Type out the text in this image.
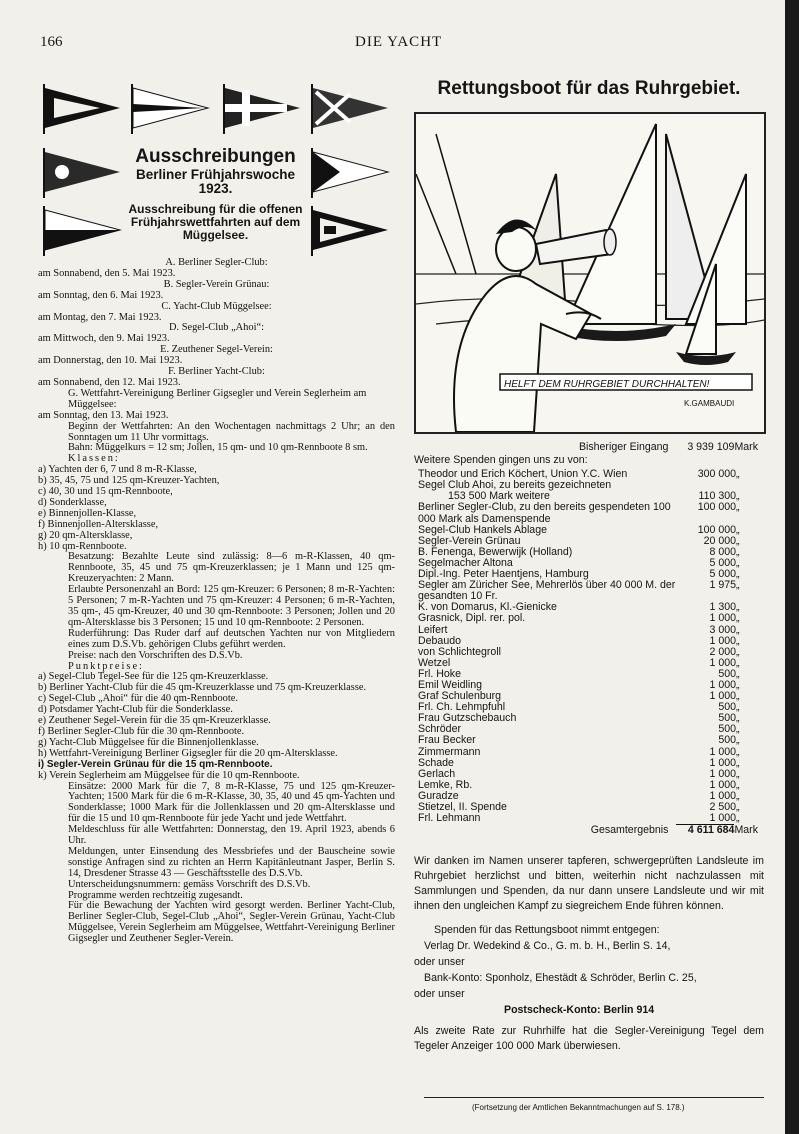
166	DIE YACHT
Ausschreibungen
Berliner Frühjahrswoche 1923.
Ausschreibung für die offenen Frühjahrswettfahrten auf dem Müggelsee.

A. Berliner Segler-Club:

am Sonnabend, den 5. Mai 1923.

B. Segler-Verein Grünau:

am Sonntag, den 6. Mai 1923.

C. Yacht-Club Müggelsee:

am Montag, den 7. Mai 1923.

D. Segel-Club „Ahoi“:

am Mittwoch, den 9. Mai 1923.

E. Zeuthener Segel-Verein:

am Donnerstag, den 10. Mai 1923.

F. Berliner Yacht-Club:

am Sonnabend, den 12. Mai 1923.

G. Wettfahrt-Vereinigung Berliner Gigsegler und Verein Seglerheim am Müggelsee:

am Sonntag, den 13. Mai 1923.

Beginn der Wettfahrten: An den Wochentagen nachmittags 2 Uhr; an den Sonntagen um 11 Uhr vormittags.

Bahn: Müggelkurs = 12 sm; Jollen, 15 qm- und 10 qm-Rennboote 8 sm.

Klassen:

a) Yachten der 6, 7 und 8 m-R-Klasse,

b) 35, 45, 75 und 125 qm-Kreuzer-Yachten,

c) 40, 30 und 15 qm-Rennboote,

d) Sonderklasse,

e) Binnenjollen-Klasse,

f) Binnenjollen-Altersklasse,

g) 20 qm-Altersklasse,

h) 10 qm-Rennboote.

Besatzung: Bezahlte Leute sind zulässig: 8—6 m-R-Klassen, 40 qm-Rennboote, 35, 45 und 75 qm-Kreuzerklassen; je 1 Mann und 125 qm-Kreuzeryachten: 2 Mann.

Erlaubte Personenzahl an Bord: 125 qm-Kreuzer: 6 Personen; 8 m-R-Yachten: 5 Personen; 7 m-R-Yachten und 75 qm-Kreuzer: 4 Personen; 6 m-R-Yachten, 35 qm-, 45 qm-Kreuzer, 40 und 30 qm-Rennboote: 3 Personen; Jollen und 20 qm-Altersklasse bis 3 Personen; 15 und 10 qm-Rennboote: 2 Personen.

Ruderführung: Das Ruder darf auf deutschen Yachten nur von Mitgliedern eines zum D.S.Vb. gehörigen Clubs geführt werden.

Preise: nach den Vorschriften des D.S.Vb.

Punktpreise:

a) Segel-Club Tegel-See für die 125 qm-Kreuzerklasse.

b) Berliner Yacht-Club für die 45 qm-Kreuzerklasse und 75 qm-Kreuzerklasse.

c) Segel-Club „Ahoi“ für die 40 qm-Rennboote.

d) Potsdamer Yacht-Club für die Sonderklasse.

e) Zeuthener Segel-Verein für die 35 qm-Kreuzerklasse.

f) Berliner Segler-Club für die 30 qm-Rennboote.

g) Yacht-Club Müggelsee für die Binnenjollenklasse.

h) Wettfahrt-Vereinigung Berliner Gigsegler für die 20 qm-Altersklasse.

i) Segler-Verein Grünau für die 15 qm-Rennboote.

k) Verein Seglerheim am Müggelsee für die 10 qm-Rennboote.

Einsätze: 2000 Mark für die 7, 8 m-R-Klasse, 75 und 125 qm-Kreuzer-Yachten; 1500 Mark für die 6 m-R-Klasse, 30, 35, 40 und 45 qm-Yachten und Sonderklasse; 1000 Mark für die Jollenklassen und 20 qm-Altersklasse und für die 15 und 10 qm-Rennboote für jede Yacht und jede Wettfahrt.

Meldeschluss für alle Wettfahrten: Donnerstag, den 19. April 1923, abends 6 Uhr.

Meldungen, unter Einsendung des Messbriefes und der Bauscheine sowie sonstige Anfragen sind zu richten an Herrn Kapitänleutnant Jasper, Berlin S. 14, Dresdener Strasse 43 — Geschäftsstelle des D.S.Vb.

Unterscheidungsnummern: gemäss Vorschrift des D.S.Vb.

Programme werden rechtzeitig zugesandt.

Für die Bewachung der Yachten wird gesorgt werden. Berliner Yacht-Club, Berliner Segler-Club, Segel-Club „Ahoi“, Segler-Verein Grünau, Yacht-Club Müggelsee, Verein Seglerheim am Müggelsee, Wettfahrt-Vereinigung Berliner Gigsegler und Zeuthener Segler-Verein.

Rettungsboot für das Ruhrgebiet.
HELFT DEM RUHRGEBIET DURCHHALTEN!
K.GAMBAUDI
Bisheriger Eingang	3 939 109	Mark
Weitere Spenden gingen uns zu von:
Theodor und Erich Köchert, Union Y.C. Wien	300 000	„
Segel Club Ahoi, zu bereits gezeichneten		
153 500 Mark weitere	110 300	„
Berliner Segler-Club, zu den bereits gespendeten 100 000 Mark als Damenspende	100 000	„
Segel-Club Hankels Ablage	100 000	„
Segler-Verein Grünau	20 000	„
B. Fenenga, Bewerwijk (Holland)	8 000	„
Segelmacher Altona	5 000	„
Dipl.-Ing. Peter Haentjens, Hamburg	5 000	„
Segler am Züricher See, Mehrerlös über 40 000 M. der gesandten 10 Fr.	1 975	„
K. von Domarus, Kl.-Gienicke	1 300	„
Grasnick, Dipl. rer. pol.	1 000	„
Leifert	3 000	„
Debaudo	1 000	„
von Schlichtegroll	2 000	„
Wetzel	1 000	„
Frl. Hoke	500	„
Emil Weidling	1 000	„
Graf Schulenburg	1 000	„
Frl. Ch. Lehmpfuhl	500	„
Frau Gutzschebauch	500	„
Schröder	500	„
Frau Becker	500	„
Zimmermann	1 000	„
Schade	1 000	„
Gerlach	1 000	„
Lemke, Rb.	1 000	„
Guradze	1 000	„
Stietzel, II. Spende	2 500	„
Frl. Lehmann	1 000	„
Gesamtergebnis	4 611 684	Mark

Wir danken im Namen unserer tapferen, schwergeprüften Landsleute im Ruhrgebiet herzlichst und bitten, weiterhin nicht nachzulassen mit Sammlungen und Spenden, da nur dann unsere Landsleute und wir mit ihnen den ungleichen Kampf zu siegreichem Ende führen können.

Spenden für das Rettungsboot nimmt entgegen:
Verlag Dr. Wedekind & Co., G. m. b. H., Berlin S. 14,
oder unser
Bank-Konto: Sponholz, Ehestädt & Schröder, Berlin C. 25,
oder unser
Postscheck-Konto: Berlin 914

Als zweite Rate zur Ruhrhilfe hat die Segler-Vereinigung Tegel dem Tegeler Anzeiger 100 000 Mark überwiesen.

(Fortsetzung der Amtlichen Bekanntmachungen auf S. 178.)
